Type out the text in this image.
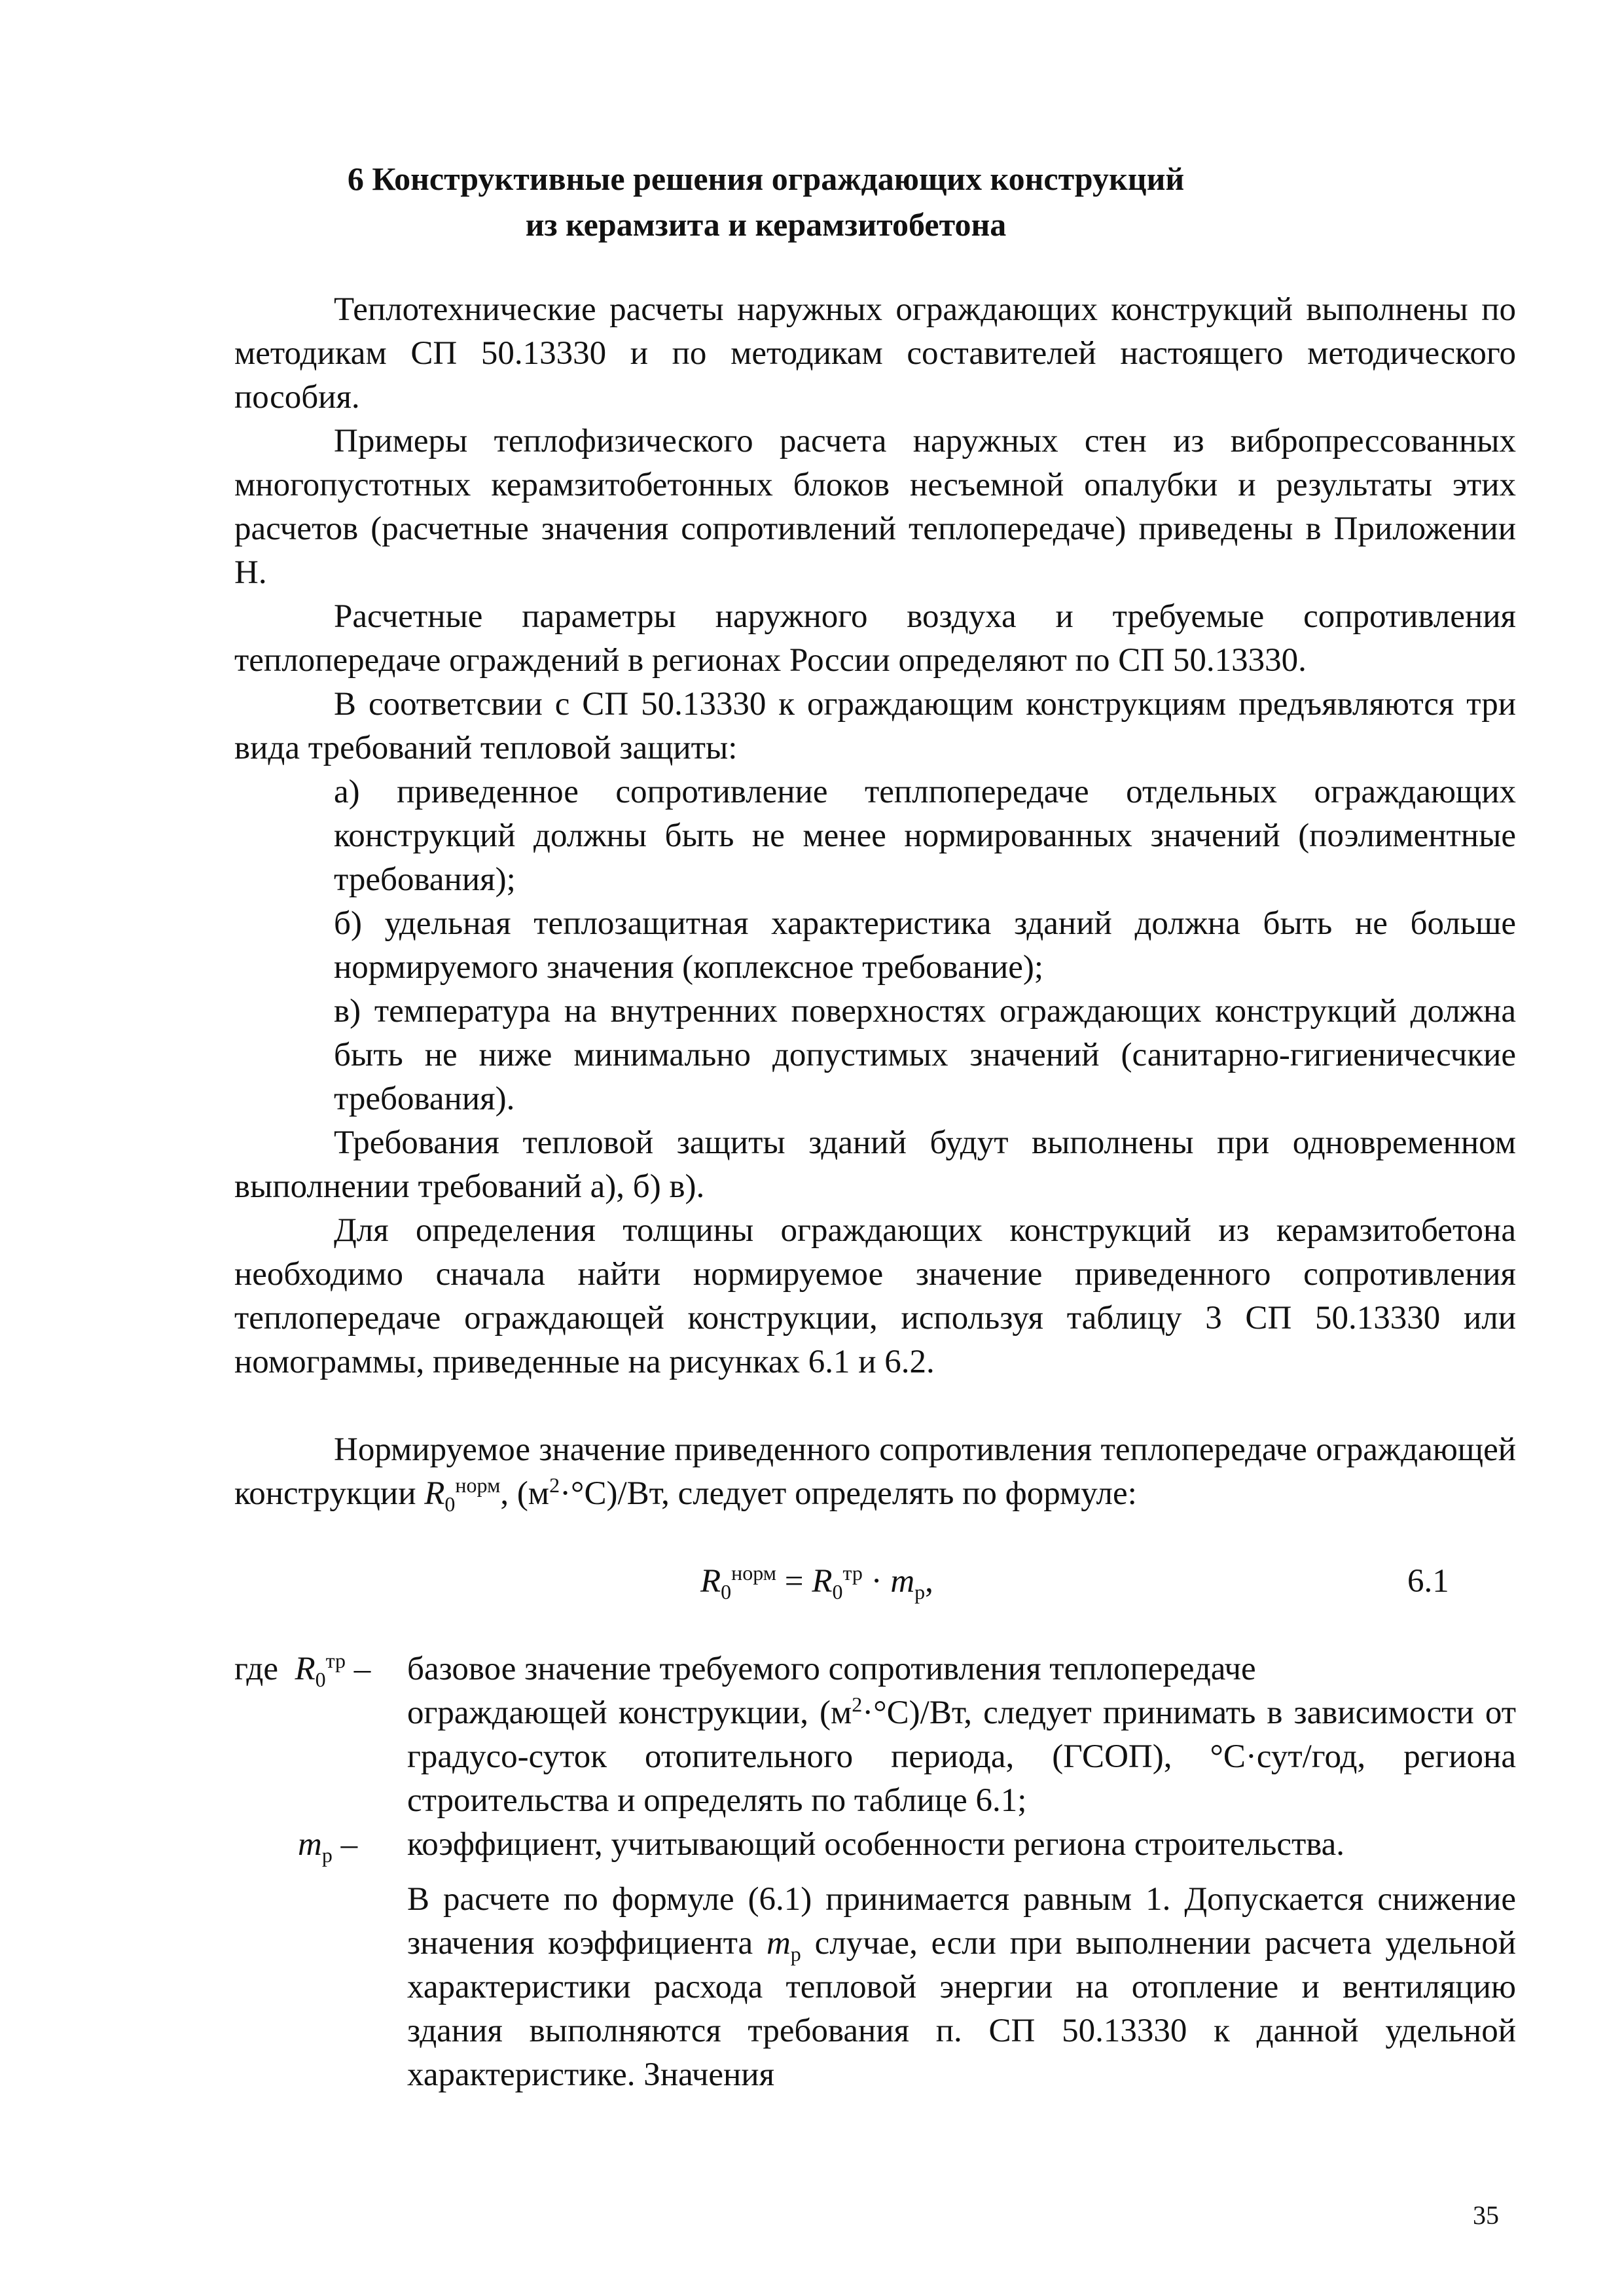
6 Конструктивные решения ограждающих конструкций
из керамзита и керамзитобетона

Теплотехнические расчеты наружных ограждающих конструкций выполнены по методикам СП 50.13330 и по методикам составителей настоящего методического пособия.

Примеры теплофизического расчета наружных стен из вибропрессованных многопустотных керамзитобетонных блоков несъемной опалубки и результаты этих расчетов (расчетные значения сопротивлений теплопередаче) приведены в Приложении Н.

Расчетные параметры наружного воздуха и требуемые сопротивления теплопередаче ограждений в регионах России определяют по СП 50.13330.

В соответсвии с СП 50.13330 к ограждающим конструкциям предъявляются три вида требований тепловой защиты:

а) приведенное сопротивление теплпопередаче отдельных ограждающих конструкций должны быть не менее нормированных значений (поэлиментные требования);

б) удельная теплозащитная характеристика зданий должна быть не больше нормируемого значения (коплексное требование);

в) температура на внутренних поверхностях ограждающих конструкций должна быть не ниже минимально допустимых значений (санитарно-гигиеничесчкие требования).

Требования тепловой защиты зданий будут выполнены при одновременном выполнении требований а), б) в).

Для определения толщины ограждающих конструкций из керамзитобетона необходимо сначала найти нормируемое значение приведенного сопротивления теплопередаче ограждающей конструкции, используя таблицу 3 СП 50.13330 или номограммы, приведенные на рисунках 6.1 и 6.2.

Нормируемое значение приведенного сопротивления теплопередаче ограждающей конструкции $R_0^{норм}$, $(м^2\cdot^\circ С)/Вт$, следует определять по формуле:

$R_0^{норм} = R_0^{тр} \cdot m_р$,	6.1
где $R_0^{тр}$ – базовое значение требуемого сопротивления теплопередаче

ограждающей конструкции, $(м^2\cdot^\circ С)/Вт$, следует принимать в зависимости от градусо-суток отопительного периода, (ГСОП), °С·сут/год, региона строительства и определять по таблице 6.1;

$m_р$ – коэффициент, учитывающий особенности региона строительства.

В расчете по формуле (6.1) принимается равным 1. Допускается снижение значения коэффициента $m_р$ случае, если при выполнении расчета удельной характеристики расхода тепловой энергии на отопление и вентиляцию здания выполняются требования п. СП 50.13330 к данной удельной характеристике. Значения

35
